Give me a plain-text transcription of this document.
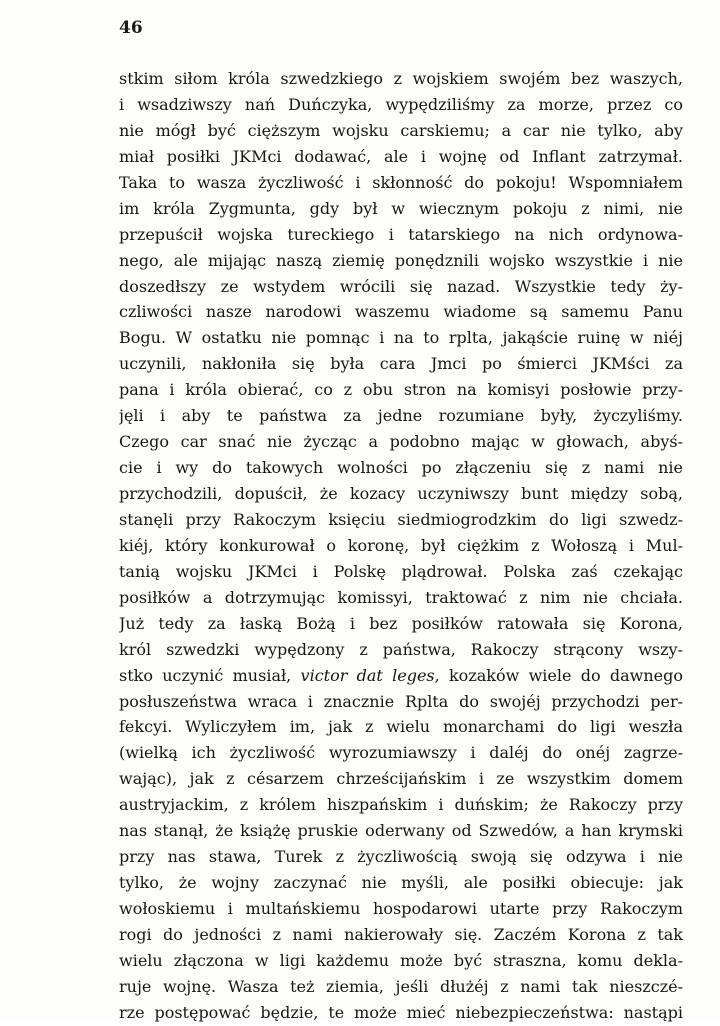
46
stkim siłom króla szwedzkiego z wojskiem swojém bez waszych,
i wsadziwszy nań Duńczyka, wypędziliśmy za morze, przez co
nie mógł być cięższym wojsku carskiemu; a car nie tylko, aby
miał posiłki JKMci dodawać, ale i wojnę od Inflant zatrzymał.
Taka to wasza życzliwość i skłonność do pokoju! Wspomniałem
im króla Zygmunta, gdy był w wiecznym pokoju z nimi, nie
przepuścił wojska tureckiego i tatarskiego na nich ordynowa-
nego, ale mijając naszą ziemię ponędznili wojsko wszystkie i nie
doszedłszy ze wstydem wrócili się nazad. Wszystkie tedy ży-
czliwości nasze narodowi waszemu wiadome są samemu Panu
Bogu. W ostatku nie pomnąc i na to rplta, jakąście ruinę w niéj
uczynili, nakłoniła się była cara Jmci po śmierci JKMści za
pana i króla obierać, co z obu stron na komisyi posłowie przy-
jęli i aby te państwa za jedne rozumiane były, życzyliśmy.
Czego car snać nie życząc a podobno mając w głowach, abyś-
cie i wy do takowych wolności po złączeniu się z nami nie
przychodzili, dopuścił, że kozacy uczyniwszy bunt między sobą,
stanęli przy Rakoczym księciu siedmiogrodzkim do ligi szwedz-
kiéj, który konkurował o koronę, był ciężkim z Wołoszą i Mul-
tanią wojsku JKMci i Polskę plądrował. Polska zaś czekając
posiłków a dotrzymując komissyi, traktować z nim nie chciała.
Już tedy za łaską Bożą i bez posiłków ratowała się Korona,
król szwedzki wypędzony z państwa, Rakoczy strącony wszy-
stko uczynić musiał, victor dat leges, kozaków wiele do dawnego
posłuszeństwa wraca i znacznie Rplta do swojéj przychodzi per-
fekcyi. Wyliczyłem im, jak z wielu monarchami do ligi weszła
(wielką ich życzliwość wyrozumiawszy i daléj do onéj zagrze-
wając), jak z césarzem chrześcijańskim i ze wszystkim domem
austryjackim, z królem hiszpańskim i duńskim; że Rakoczy przy
nas stanął, że książę pruskie oderwany od Szwedów, a han krymski
przy nas stawa, Turek z życzliwością swoją się odzywa i nie
tylko, że wojny zaczynać nie myśli, ale posiłki obiecuje: jak
wołoskiemu i multańskiemu hospodarowi utarte przy Rakoczym
rogi do jedności z nami nakierowały się. Zaczém Korona z tak
wielu złączona w ligi każdemu może być straszna, komu dekla-
ruje wojnę. Wasza też ziemia, jeśli dłużéj z nami tak nieszczé-
rze postępować będzie, te może mieć niebezpieczeństwa: nastąpi
